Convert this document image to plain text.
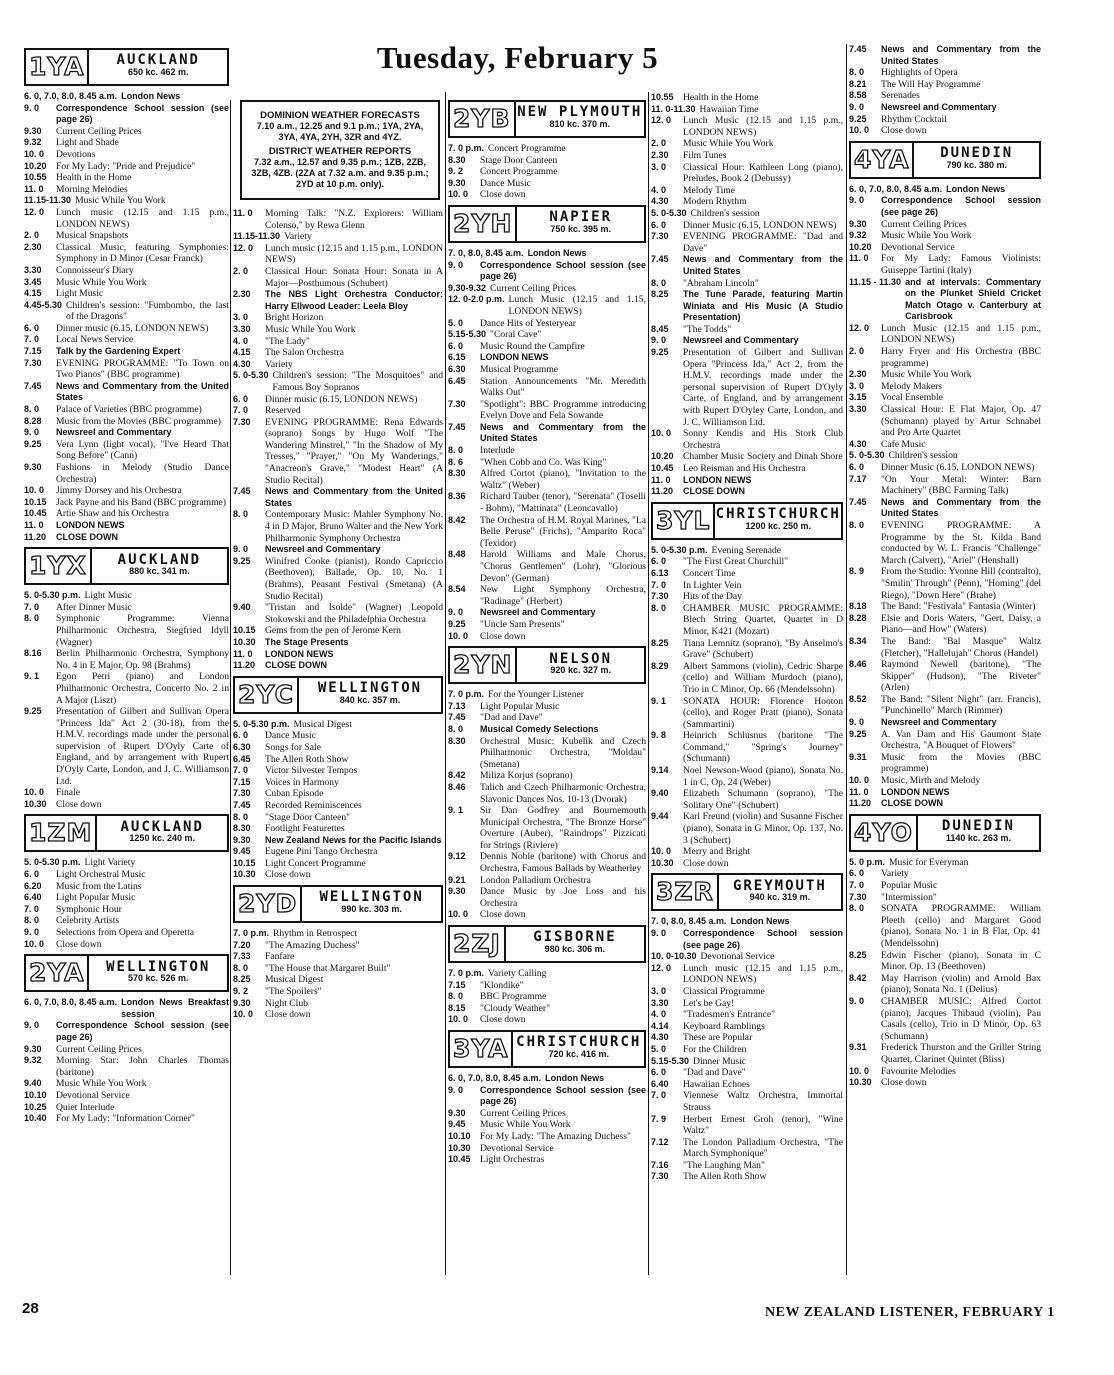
Tuesday, February 5
DOMINION WEATHER FORECASTS
7.10 a.m., 12.25 and 9.1 p.m.; 1YA, 2YA, 3YA, 4YA, 2YH, 3ZR and 4YZ.
DISTRICT WEATHER REPORTS
7.32 a.m., 12.57 and 9.35 p.m.; 1ZB, 2ZB, 3ZB, 4ZB. (2ZA at 7.32 a.m. and 9.35 p.m.; 2YD at 10 p.m. only).
1YA	AUCKLAND
650 kc. 462 m.
6. 0, 7.0, 8.0, 8.45 a.m. London News
9. 0	Correspondence School session (see page 26)
9.30	Current Ceiling Prices
9.32	Light and Shade
10. 0	Devotions
10.20 For My Lady: "Pride and Prejudice"
10.55 Health in the Home
11. 0	Morning Melodies
11.15-11.30 Music While You Work
12. 0	Lunch music (12.15 and 1.15 p.m., LONDON NEWS)
2. 0	Musical Snapshots
2.30	Classical Music, featuring Symphonies: Symphony in D Minor (Cesar Franck)
3.30	Connoisseur's Diary
3.45	Music While You Work
4.15	Light Music
4.45-5.30 Children's session: "Fumbombo, the last of the Dragons"
6. 0	Dinner music (6.15, LONDON NEWS)
7. 0	Local News Service
7.15	Talk by the Gardening Expert
7.30	EVENING PROGRAMME: "To Town on Two Pianos" (BBC programme)
7.45	News and Commentary from the United States
8. 0	Palace of Varieties (BBC programme)
8.28	Music from the Movies (BBC programme)
9. 0	Newsreel and Commentary
9.25	Vera Lynn (light vocal), "I've Heard That Song Before" (Cann)
9.30	Fashions in Melody (Studio Dance Orchestra)
10. 0	Jimmy Dorsey and his Orchestra
10.15 Jack Payne and his Band (BBC programme)
10.45 Artie Shaw and his Orchestra
11. 0	LONDON NEWS
11.20	CLOSE DOWN
1YX	AUCKLAND
880 kc. 341 m.
5. 0-5.30 p.m. Light Music
7. 0	After Dinner Music
8. 0	Symphonic Programme: Vienna Philharmonic Orchestra, Siegfried Idyll (Wagner)
8.16	Berlin Philharmonic Orchestra, Symphony No. 4 in E Major, Op. 98 (Brahms)
9. 1	Egon Petri (piano) and London Philharmonic Orchestra, Concerto No. 2 in A Major (Liszt)
9.25	Presentation of Gilbert and Sullivan Opera "Princess Ida" Act 2 (30-18), from the H.M.V. recordings made under the personal supervision of Rupert D'Oyly Carte of England, and by arrangement with Rupert D'Oyly Carte, London, and J. C. Williamson Ltd.
10. 0	Finale
10.30 Close down
1ZM	AUCKLAND
1250 kc. 240 m.
5. 0-5.30 p.m. Light Variety
6. 0	Light Orchestral Music
6.20	Music from the Latins
6.40	Light Popular Music
7. 0	Symphonic Hour
8. 0	Celebrity Artists
9. 0	Selections from Opera and Operetta
10. 0	Close down
2YA	WELLINGTON
570 kc. 526 m.
6. 0, 7.0, 8.0, 8.45 a.m. London News Breakfast session
9. 0	Correspondence School session (see page 26)
9.30	Current Ceiling Prices
9.32	Morning Star: John Charles Thomas (baritone)
9.40	Music While You Work
10.10 Devotional Service
10.25 Quiet Interlude
10.40 For My Lady: "Information Corner"
11. 0	Morning Talk: "N.Z. Explorers: William Colenso," by Rewa Glenn
11.15-11.30 Variety
12. 0	Lunch music (12.15 and 1.15 p.m., LONDON NEWS)
2. 0	Classical Hour: Sonata Hour: Sonata in A Major—Posthumous (Schubert)
2.30	The NBS Light Orchestra Conductor: Harry Ellwood Leader: Leela Bloy
3. 0	Bright Horizon
3.30	Music While You Work
4. 0	"The Lady"
4.15	The Salon Orchestra
4.30	Variety
5. 0-5.30 Children's session: "The Mosquitoes" and Famous Boy Sopranos
6. 0	Dinner music (6.15, LONDON NEWS)
7. 0	Reserved
7.30	EVENING PROGRAMME: Rena Edwards (soprano) Songs by Hugo Wolf "The Wandering Minstrel," "In the Shadow of My Tresses," "Prayer," "On My Wanderings," "Anacreon's Grave," "Modest Heart" (A Studio Recital)
7.45	News and Commentary from the United States
8. 0	Contemporary Music: Mahler Symphony No. 4 in D Major, Bruno Walter and the New York Philharmonic Symphony Orchestra
9. 0	Newsreel and Commentary
9.25	Winifred Cooke (pianist), Rondo Capriccio (Beethoven), Ballade, Op. 10, No. 1 (Brahms), Peasant Festival (Smetana) (A Studio Recital)
9.40	"Tristan and Isolde" (Wagner) Leopold Stokowski and the Philadelphia Orchestra
10.15 Gems from the pen of Jerome Kern
10.30	The Stage Presents
11. 0	LONDON NEWS
11.20	CLOSE DOWN
2YC	WELLINGTON
840 kc. 357 m.
5. 0-5.30 p.m. Musical Digest
6. 0	Dance Music
6.30	Songs for Sale
6.45	The Allen Roth Show
7. 0	Victor Silvester Tempos
7.15	Voices in Harmony
7.30	Cuban Episode
7.45	Recorded Reminiscences
8. 0	"Stage Door Canteen"
8.30	Footlight Featurettes
9.30	New Zealand News for the Pacific Islands
9.45	Eugene Pini Tango Orchestra
10.15 Light Concert Programme
10.30 Close down
2YD	WELLINGTON
990 kc. 303 m.
7. 0 p.m. Rhythm in Retrospect
7.20	"The Amazing Duchess"
7.33	Fanfare
8. 0	"The House that Margaret Built"
8.25	Musical Digest
9. 2	"The Spoilers"
9.30	Night Club
10. 0	Close down
2YB NEW PLYMOUTH
810 kc. 370 m.
7. 0 p.m. Concert Programme
8.30	Stage Door Canteen
9. 2	Concert Programme
9.30	Dance Music
10. 0	Close down
2YH	NAPIER
750 kc. 395 m.
7. 0, 8.0, 8.45 a.m. London News
9. 0	Correspondence School session (see page 26)
9.30-9.32 Current Ceiling Prices
12. 0-2.0 p.m. Lunch Music (12.15 and 1.15, LONDON NEWS)
5. 0	Dance Hits of Yesteryear
5.15-5.30 "Coral Cave"
6. 0	Music Round the Campfire
6.15	LONDON NEWS
6.30	Musical Programme
6.45	Station Announcements "Mr. Meredith Walks Out"
7.30	"Spotlight": BBC Programme introducing Evelyn Dove and Fela Sowande
7.45	News and Commentary from the United States
8. 0	Interlude
8. 6	"When Cobb and Co. Was King"
8.30	Alfred Cortot (piano), "Invitation to the Waltz" (Weber)
8.36	Richard Tauber (tenor), "Serenata" (Toselli - Bohm), "Mattinata" (Leoncavallo)
8.42	The Orchestra of H.M. Royal Marines, "La Belle Peruse" (Frichs), "Amparito Roca" (Texidor)
8.48	Harold Williams and Male Chorus, "Chorus Gentlemen" (Lohr), "Glorious Devon" (German)
8.54	New Light Symphony Orchestra, "Radinage" (Herbert)
9. 0	Newsreel and Commentary
9.25	"Uncle Sam Presents"
10. 0	Close down
2YN	NELSON
920 kc. 327 m.
7. 0 p.m. For the Younger Listener
7.13	Light Popular Music
7.45	"Dad and Dave"
8. 0	Musical Comedy Selections
8.30	Orchestral Music: Kubelik and Czech Philharmonic Orchestra, "Moldau" (Smetana)
8.42	Miliza Korjus (soprano)
8.46	Talich and Czech Philharmonic Orchestra, Slavonic Dances Nos. 10-13 (Dvorak)
9. 1	Sir Dan Godfrey and Bournemouth Municipal Orchestra, "The Bronze Horse" Overture (Auber), "Raindrops" Pizzicati for Strings (Riviere)
9.12	Dennis Noble (baritone) with Chorus and Orchestra, Famous Ballads by Weatherley
9.21	London Palladium Orchestra
9.30	Dance Music by Joe Loss and his Orchestra
10. 0	Close down
2ZJ	GISBORNE
980 kc. 306 m.
7. 0 p.m. Variety Calling
7.15	"Klondike"
8. 0	BBC Programme
8.15	"Cloudy Weather"
10. 0	Close down
3YA CHRISTCHURCH
720 kc. 416 m.
6. 0, 7.0, 8.0, 8.45 a.m. London News
9. 0	Correspondence School session (see page 26)
9.30	Current Ceiling Prices
9.45	Music While You Work
10.10 For My Lady: "The Amazing Duchess"
10.30 Devotional Service
10.45 Light Orchestras
10.55 Health in the Home
11. 0-11.30 Hawaiian Time
12. 0	Lunch Music (12.15 and 1.15 p.m., LONDON NEWS)
2. 0	Music While You Work
2.30	Film Tunes
3. 0	Classical Hour: Kathleen Long (piano), Preludes, Book 2 (Debussy)
4. 0	Melody Time
4.30	Modern Rhythm
5. 0-5.30 Children's session
6. 0	Dinner Music (6.15, LONDON NEWS)
7.30	EVENING PROGRAMME: "Dad and Dave"
7.45	News and Commentary from the United States
8. 0	"Abraham Lincoln"
8.25	The Tune Parade, featuring Martin Winiata and His Music (A Studio Presentation)
8.45	"The Todds"
9. 0	Newsreel and Commentary
9.25	Presentation of Gilbert and Sullivan Opera "Princess Ida," Act 2, from the H.M.V. recordings made under the personal supervision of Rupert D'Oyly Carte, of England, and by arrangement with Rupert D'Oyley Carte, London, and J. C. Williamson Ltd.
10. 0	Sonny Kendis and His Stork Club Orchestra
10.20 Chamber Music Society and Dinah Shore
10.45 Leo Reisman and His Orchestra
11. 0	LONDON NEWS
11.20	CLOSE DOWN
3YL CHRISTCHURCH
1200 kc. 250 m.
5. 0-5.30 p.m. Evening Serenade
6. 0	"The First Great Churchill"
6.13	Concert Time
7. 0	In Lighter Vein
7.30	Hits of the Day
8. 0	CHAMBER MUSIC PROGRAMME: Blech String Quartet, Quartet in D Minor, K421 (Mozart)
8.25	Tiana Lemnitz (soprano), "By Anselmo's Grave" (Schubert)
8.29	Albert Sammons (violin), Cedric Sharpe (cello) and William Murdoch (piano), Trio in C Minor, Op. 66 (Mendelssohn)
9. 1	SONATA HOUR: Florence Hooton (cello), and Roger Pratt (piano), Sonata (Sammartini)
9. 8	Heinrich Schlusnus (baritone "The Command," "Spring's Journey" (Schumann)
9.14	Noel Newson-Wood (piano), Sonata No. 1 in C, Op. 24 (Weber)
9.40	Elizabeth Schumann (soprano), "The Solitary One" (Schubert)
9.44	Karl Freund (violin) and Susanne Fischer (piano), Sonata in G Minor, Op. 137, No. 3 (Schubert)
10. 0	Merry and Bright
10.30 Close down
3ZR	GREYMOUTH
940 kc. 319 m.
7. 0, 8.0, 8.45 a.m. London News
9. 0	Correspondence School session (see page 26)
10. 0-10.30 Devotional Service
12. 0	Lunch music (12.15 and 1.15 p.m., LONDON NEWS)
3. 0	Classical Programme
3.30	Let's be Gay!
4. 0	"Tradesmen's Entrance"
4.14	Keyboard Ramblings
4.30	These are Popular
5. 0	For the Children
5.15-5.30 Dinner Music
6. 0	"Dad and Dave"
6.40	Hawaiian Echoes
7. 0	Viennese Waltz Orchestra, Immortal Strauss
7. 9	Herbert Ernest Groh (tenor), "Wine Waltz"
7.12	The London Palladium Orchestra, "The March Symphonique"
7.16	"The Laughing Man"
7.30	The Allen Roth Show
7.45	News and Commentary from the United States
8. 0	Highlights of Opera
8.21	The Will Hay Programme
8.58	Serenades
9. 0	Newsreel and Commentary
9.25	Rhythm Cocktail
10. 0	Close down
4YA	DUNEDIN
790 kc. 380 m.
6. 0, 7.0, 8.0, 8.45 a.m. London News
9. 0	Correspondence School session (see page 26)
9.30	Current Ceiling Prices
9.32	Music While You Work
10.20 Devotional Service
11. 0	For My Lady: Famous Violinists: Guiseppe Tartini (Italy)
11.15 - 11.30 and at intervals: Commentary on the Plunket Shield Cricket Match Otago v. Canterbury at Carisbrook
12. 0	Lunch Music (12.15 and 1.15 p.m., LONDON NEWS)
2. 0	Harry Fryer and His Orchestra (BBC programme)
2.30	Music While You Work
3. 0	Melody Makers
3.15	Vocal Ensemble
3.30	Classical Hour: E Flat Major, Op. 47 (Schumann) played by Artur Schnabel and Pro Arte Quartet
4.30	Cafe Music
5. 0-5.30 Children's session
6. 0	Dinner Music (6.15, LONDON NEWS)
7.17	"On Your Metal: Winter: Barn Machinery" (BBC Farming Talk)
7.45	News and Commentary from the United States
8. 0	EVENING PROGRAMME: A Programme by the St. Kilda Band conducted by W. L. Francis "Challenge" March (Calvert), "Ariel" (Henshall)
8. 9	From the Studio: Yvonne Hill (contralto), "Smilin' Through" (Penn), "Homing" (del Riego), "Down Here" (Brahe)
8.18	The Band: "Festivala" Fantasia (Winter)
8.28	Elsie and Doris Waters, "Gert, Daisy, a Piano—and How" (Waters)
8.34	The Band: "Bal Masque" Waltz (Fletcher), "Hallelujah" Chorus (Handel)
8.46	Raymond Newell (baritone), "The Skipper" (Hudson), "The Riveter" (Arlen)
8.52	The Band: "Silent Night" (arr. Francis), "Punchinello" March (Rimmer)
9. 0	Newsreel and Commentary
9.25	A. Van Dam and His Gaumont State Orchestra, "A Bouquet of Flowers"
9.31	Music from the Movies (BBC programme)
10. 0	Music, Mirth and Melody
11. 0	LONDON NEWS
11.20	CLOSE DOWN
4YO	DUNEDIN
1140 kc. 263 m.
5. 0 p.m. Music for Everyman
6. 0	Variety
7. 0	Popular Music
7.30	"Intermission"
8. 0	SONATA PROGRAMME: William Pleeth (cello) and Margaret Good (piano), Sonata No. 1 in B Flat, Op. 41 (Mendelssohn)
8.25	Edwin Fischer (piano), Sonata in C Minor, Op. 13 (Beethoven)
8.42	May Harrison (violin) and Arnold Bax (piano), Sonata No. 1 (Delius)
9. 0	CHAMBER MUSIC: Alfred Cortot (piano), Jacques Thibaud (violin), Pau Casals (cello), Trio in D Minor, Op. 63 (Schumann)
9.31	Frederick Thurston and the Griller String Quartet, Clarinet Quintet (Bliss)
10. 0	Favourite Melodies
10.30 Close down
28	NEW ZEALAND LISTENER, FEBRUARY 1
